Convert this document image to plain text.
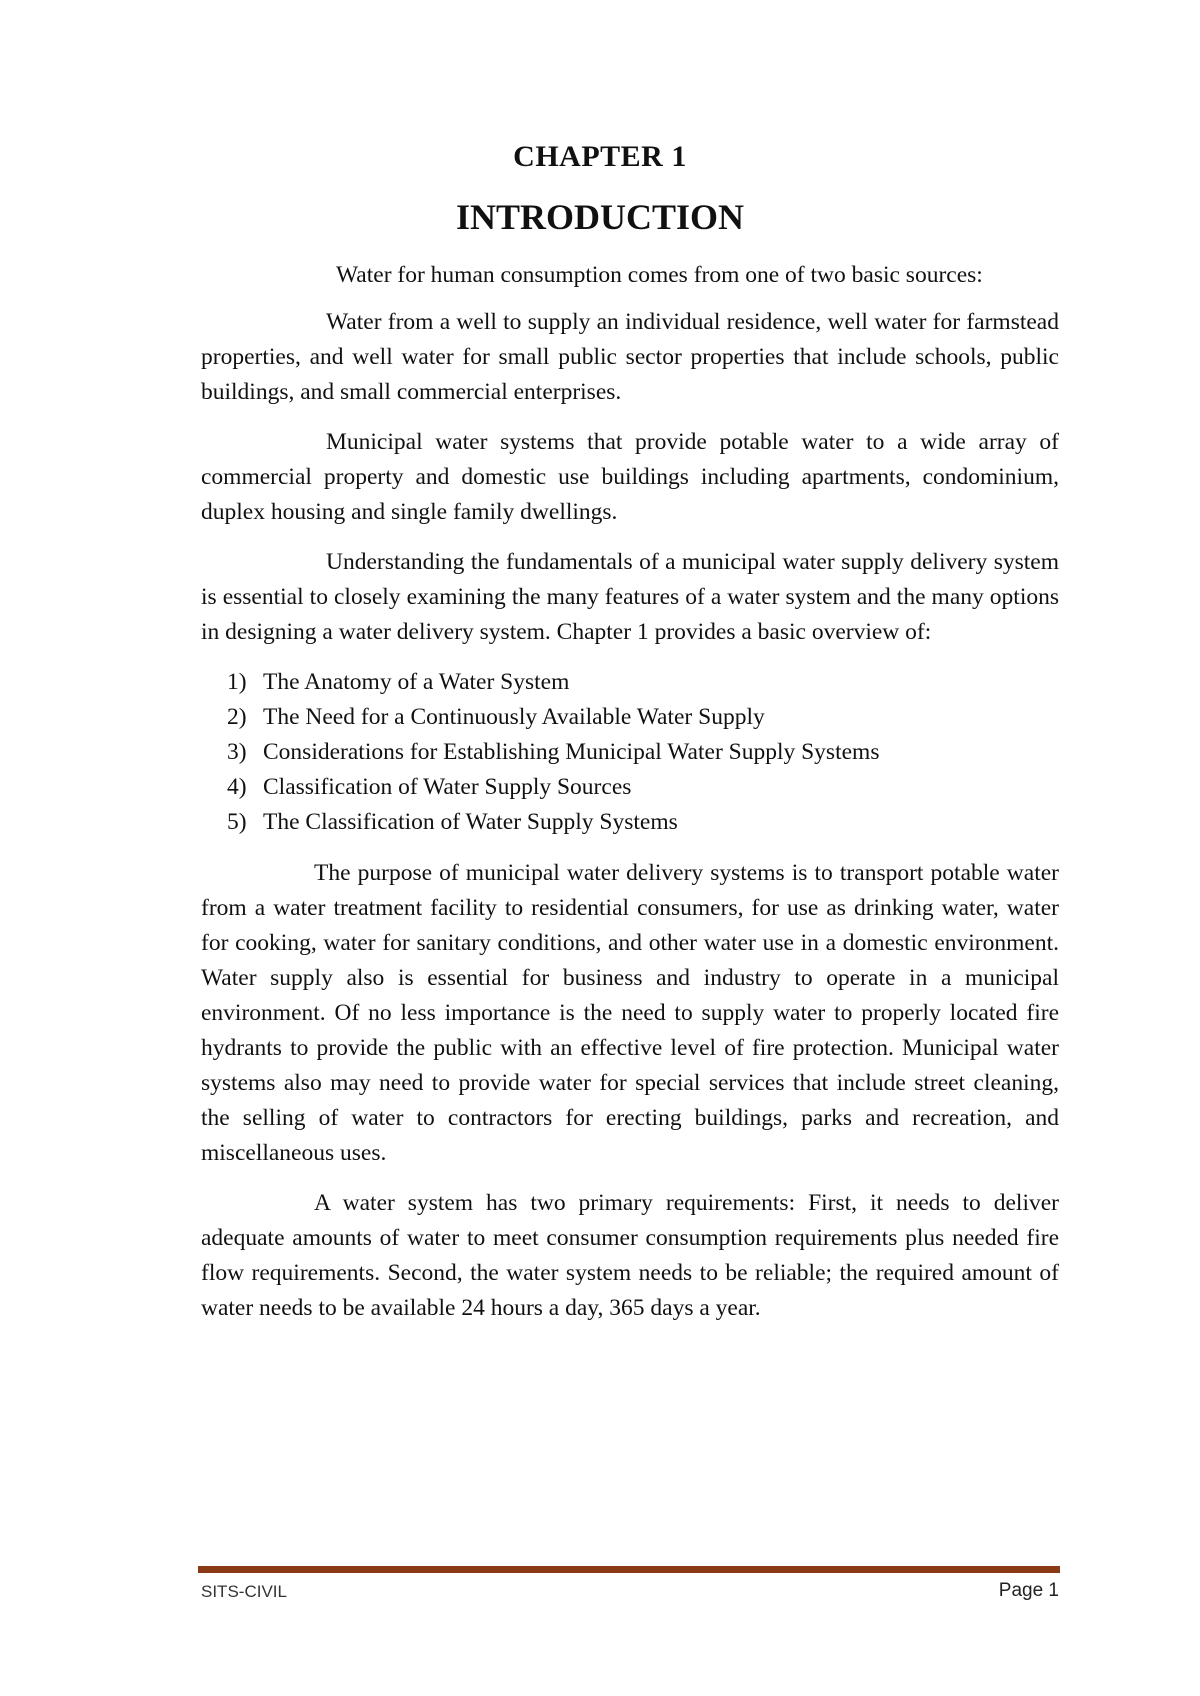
CHAPTER 1
INTRODUCTION

Water for human consumption comes from one of two basic sources:

Water from a well to supply an individual residence, well water for farmstead properties, and well water for small public sector properties that include schools, public buildings, and small commercial enterprises.

Municipal water systems that provide potable water to a wide array of commercial property and domestic use buildings including apartments, condominium, duplex housing and single family dwellings.

Understanding the fundamentals of a municipal water supply delivery system is essential to closely examining the many features of a water system and the many options in designing a water delivery system. Chapter 1 provides a basic overview of:

1) The Anatomy of a Water System
2) The Need for a Continuously Available Water Supply
3) Considerations for Establishing Municipal Water Supply Systems
4) Classification of Water Supply Sources
5) The Classification of Water Supply Systems

The purpose of municipal water delivery systems is to transport potable water from a water treatment facility to residential consumers, for use as drinking water, water for cooking, water for sanitary conditions, and other water use in a domestic environment. Water supply also is essential for business and industry to operate in a municipal environment. Of no less importance is the need to supply water to properly located fire hydrants to provide the public with an effective level of fire protection. Municipal water systems also may need to provide water for special services that include street cleaning, the selling of water to contractors for erecting buildings, parks and recreation, and miscellaneous uses.

A water system has two primary requirements: First, it needs to deliver adequate amounts of water to meet consumer consumption requirements plus needed fire flow requirements. Second, the water system needs to be reliable; the required amount of water needs to be available 24 hours a day, 365 days a year.

SITS-CIVIL	Page 1
